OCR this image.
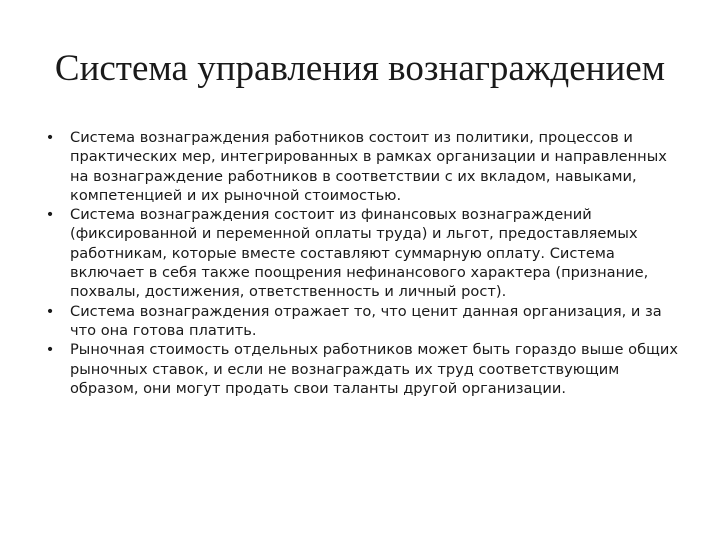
Система управления вознаграждением
• Система вознаграждения работников состоит из политики, процессов и практических мер, интегрированных в рамках организации и направленных на вознаграждение работников в соответствии с их вкладом, навыками, компетенцией и их рыночной стоимостью.
• Система вознаграждения состоит из финансовых вознаграждений (фиксированной и переменной оплаты труда) и льгот, предоставляемых работникам, которые вместе составляют суммарную оплату. Система включает в себя также поощрения нефинансового характера (признание, похвалы, достижения, ответственность и личный рост).
• Система вознаграждения отражает то, что ценит данная организация, и за что она готова платить.
• Рыночная стоимость отдельных работников может быть гораздо выше общих рыночных ставок, и если не вознаграждать их труд соответствующим образом, они могут продать свои таланты другой организации.
